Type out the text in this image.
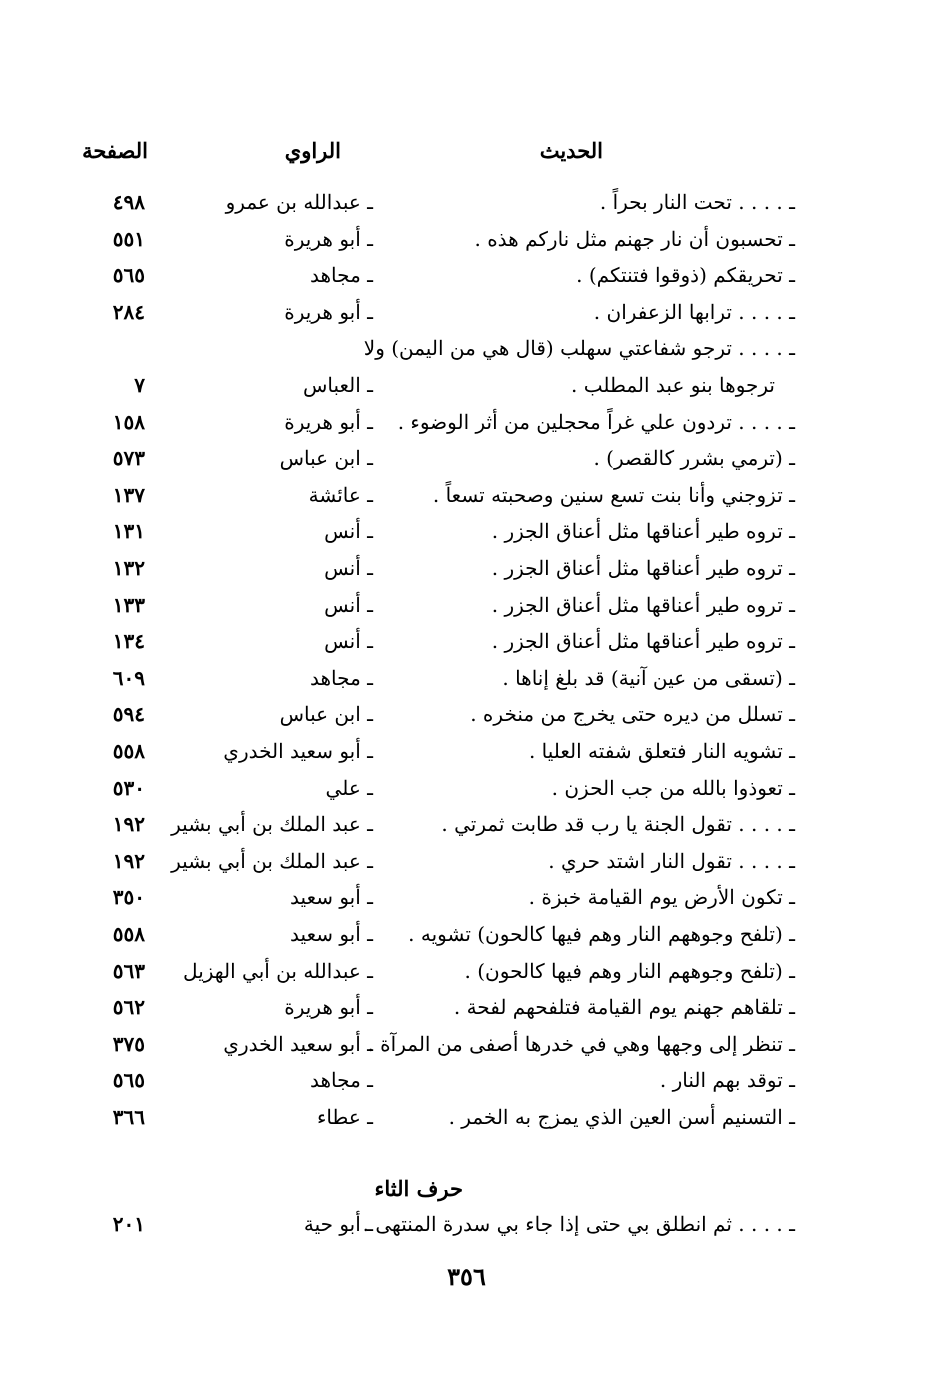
الحديث
الراوي
الصفحة
ـ . . . . تحت النار بحراً .
ـ عبدالله بن عمرو
٤٩٨
ـ تحسبون أن نار جهنم مثل ناركم هذه .
ـ أبو هريرة
٥٥١
ـ تحريقكم (ذوقوا فتنتكم) .
ـ مجاهد
٥٦٥
ـ . . . . ترابها الزعفران .
ـ أبو هريرة
٢٨٤
ـ . . . . ترجو شفاعتي سهلب (قال هي من اليمن) ولا
ترجوها بنو عبد المطلب .
ـ العباس
٧
ـ . . . . تردون علي غراً محجلين من أثر الوضوء .
ـ أبو هريرة
١٥٨
ـ (ترمي بشرر كالقصر) .
ـ ابن عباس
٥٧٣
ـ تزوجني وأنا بنت تسع سنين وصحبته تسعاً .
ـ عائشة
١٣٧
ـ تروه طير أعناقها مثل أعناق الجزر .
ـ أنس
١٣١
ـ تروه طير أعناقها مثل أعناق الجزر .
ـ أنس
١٣٢
ـ تروه طير أعناقها مثل أعناق الجزر .
ـ أنس
١٣٣
ـ تروه طير أعناقها مثل أعناق الجزر .
ـ أنس
١٣٤
ـ (تسقى من عين آنية) قد بلغ إناها .
ـ مجاهد
٦٠٩
ـ تسلل من ديره حتى يخرج من منخره .
ـ ابن عباس
٥٩٤
ـ تشويه النار فتعلق شفته العليا .
ـ أبو سعيد الخدري
٥٥٨
ـ تعوذوا بالله من جب الحزن .
ـ علي
٥٣٠
ـ . . . . تقول الجنة يا رب قد طابت ثمرتي .
ـ عبد الملك بن أبي بشير
١٩٢
ـ . . . . تقول النار اشتد حري .
ـ عبد الملك بن أبي بشير
١٩٢
ـ تكون الأرض يوم القيامة خبزة .
ـ أبو سعيد
٣٥٠
ـ (تلفح وجوههم النار وهم فيها كالحون) تشويه .
ـ أبو سعيد
٥٥٨
ـ (تلفح وجوههم النار وهم فيها كالحون) .
ـ عبدالله بن أبي الهزيل
٥٦٣
ـ تلقاهم جهنم يوم القيامة فتلفحهم لفحة .
ـ أبو هريرة
٥٦٢
ـ تنظر إلى وجهها وهي في خدرها أصفى من المرآة .
ـ أبو سعيد الخدري
٣٧٥
ـ توقد بهم النار .
ـ مجاهد
٥٦٥
ـ التسنيم أسن العين الذي يمزج به الخمر .
ـ عطاء
٣٦٦
حرف الثاء
ـ . . . . ثم انطلق بي حتى إذا جاء بي سدرة المنتهى .
ـ أبو حية
٢٠١
٣٥٦
